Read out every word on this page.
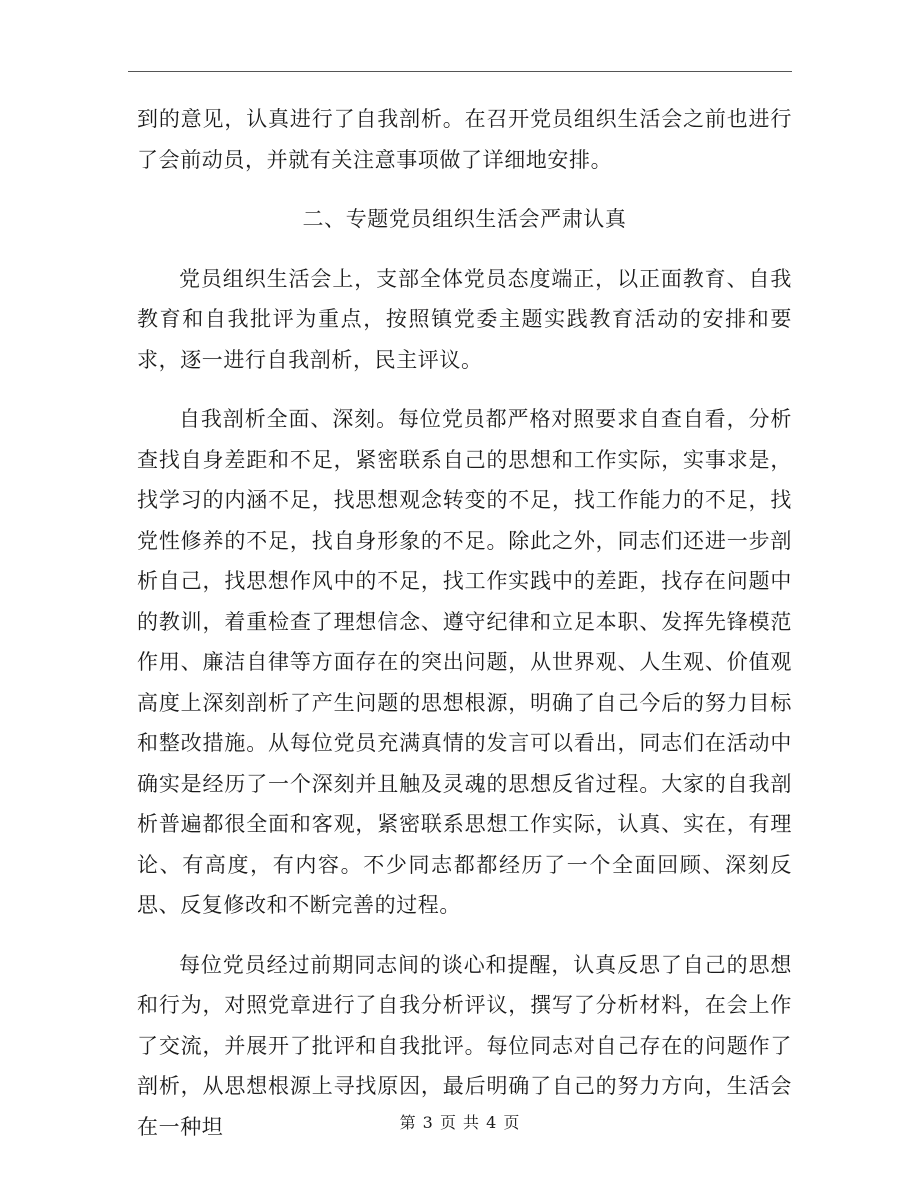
到的意见，认真进行了自我剖析。在召开党员组织生活会之前也进行了会前动员，并就有关注意事项做了详细地安排。

二、专题党员组织生活会严肃认真

党员组织生活会上，支部全体党员态度端正，以正面教育、自我教育和自我批评为重点，按照镇党委主题实践教育活动的安排和要求，逐一进行自我剖析，民主评议。

自我剖析全面、深刻。每位党员都严格对照要求自查自看，分析查找自身差距和不足，紧密联系自己的思想和工作实际，实事求是，找学习的内涵不足，找思想观念转变的不足，找工作能力的不足，找党性修养的不足，找自身形象的不足。除此之外，同志们还进一步剖析自己，找思想作风中的不足，找工作实践中的差距，找存在问题中的教训，着重检查了理想信念、遵守纪律和立足本职、发挥先锋模范作用、廉洁自律等方面存在的突出问题，从世界观、人生观、价值观高度上深刻剖析了产生问题的思想根源，明确了自己今后的努力目标和整改措施。从每位党员充满真情的发言可以看出，同志们在活动中确实是经历了一个深刻并且触及灵魂的思想反省过程。大家的自我剖析普遍都很全面和客观，紧密联系思想工作实际，认真、实在，有理论、有高度，有内容。不少同志都都经历了一个全面回顾、深刻反思、反复修改和不断完善的过程。

每位党员经过前期同志间的谈心和提醒，认真反思了自己的思想和行为，对照党章进行了自我分析评议，撰写了分析材料，在会上作了交流，并展开了批评和自我批评。每位同志对自己存在的问题作了剖析，从思想根源上寻找原因，最后明确了自己的努力方向，生活会在一种坦	第 3 页 共 4 页
